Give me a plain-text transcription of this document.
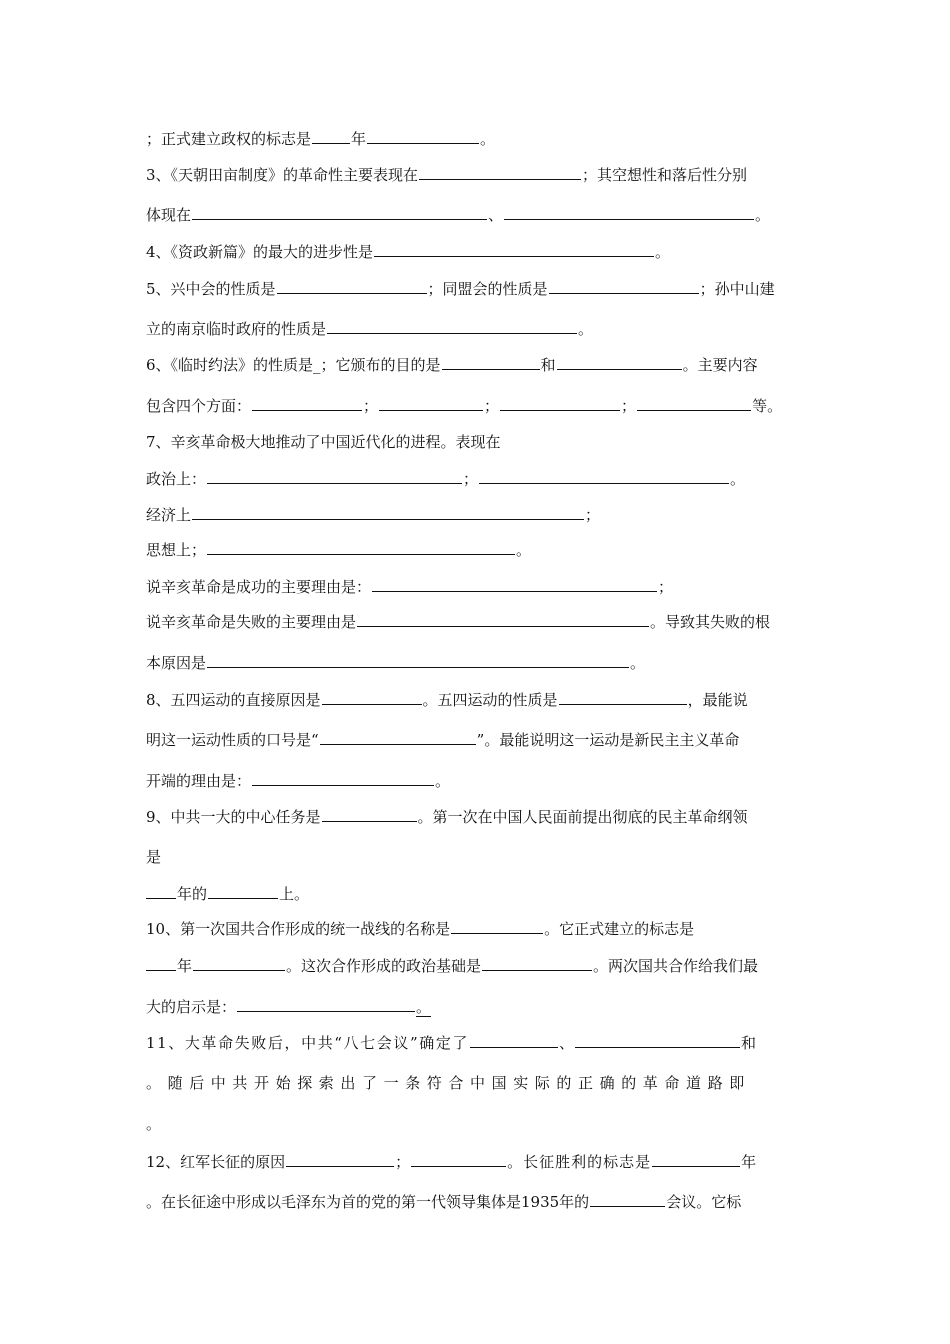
；正式建立政权的标志是	年	。

3、《天朝田亩制度》的革命性主要表现在	；其空想性和落后性分别

体现在	、	。

4、《资政新篇》的最大的进步性是	。

5、兴中会的性质是	；同盟会的性质是	；孙中山建

立的南京临时政府的性质是	。

6、《临时约法》的性质是_；它颁布的目的是	和	。主要内容

包含四个方面：	；	；	；	等。

7、辛亥革命极大地推动了中国近代化的进程。表现在

政治上：	；	。

经济上	；

思想上；	。

说辛亥革命是成功的主要理由是：	；

说辛亥革命是失败的主要理由是	。导致其失败的根

本原因是	。

8、五四运动的直接原因是	。五四运动的性质是	，最能说

明这一运动性质的口号是“	”。最能说明这一运动是新民主主义革命

开端的理由是：	。

9、中共一大的中心任务是	。第一次在中国人民面前提出彻底的民主革命纲领

是

年的	上。

10、第一次国共合作形成的统一战线的名称是	。它正式建立的标志是

年	。这次合作形成的政治基础是	。两次国共合作给我们最

大的启示是：	。

11、大革命失败后，中共“八七会议”确定了	、	和

。随后中共开始探索出了一条符合中国实际的正确的革命道路即

。

12、红军长征的原因	；	。长征胜利的标志是	年

。在长征途中形成以毛泽东为首的党的第一代领导集体是1935年的	会议。它标
